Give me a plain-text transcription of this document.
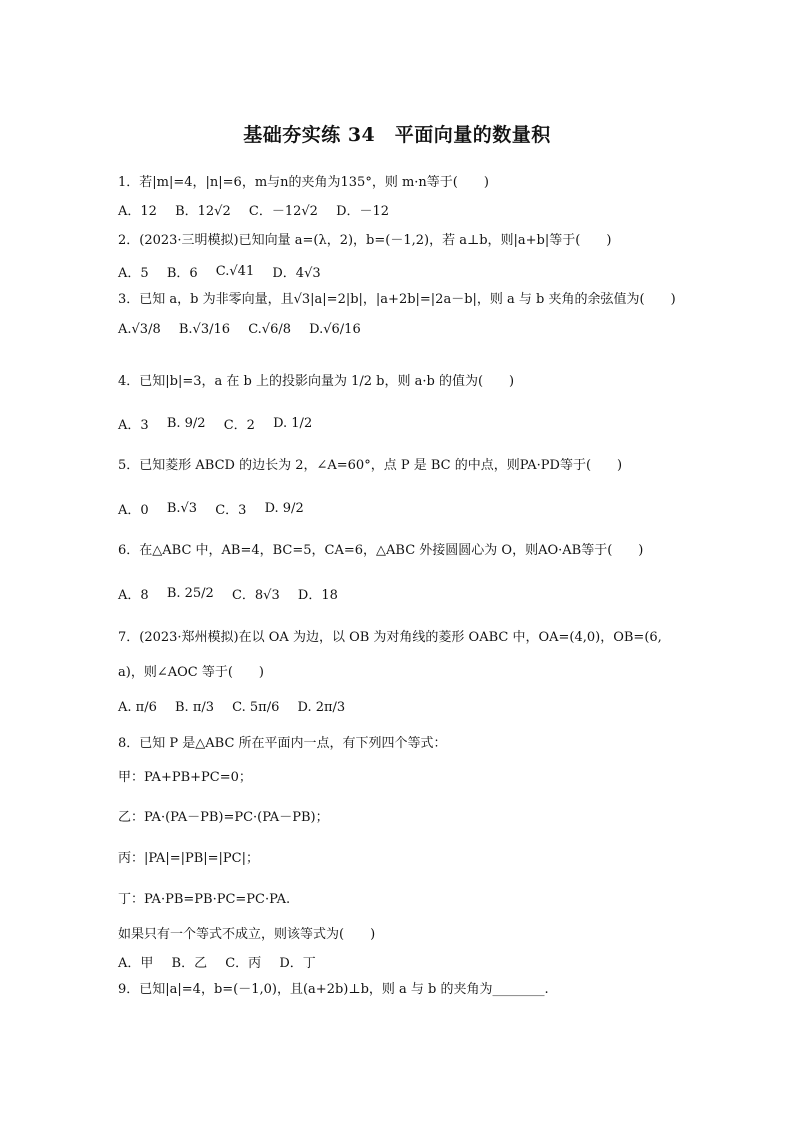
基础夯实练 34　平面向量的数量积
1．若|m|=4，|n|=6，m与n的夹角为135°，则 m·n等于(　　)
A．12 B．12√2 C．－12√2 D．－12
2．(2023·三明模拟)已知向量 a=(λ，2)，b=(－1,2)，若 a⊥b，则|a+b|等于(　　)
A．5 B．6 C.√41 D．4√3
3．已知 a，b 为非零向量，且√3|a|=2|b|，|a+2b|=|2a－b|，则 a 与 b 夹角的余弦值为(　　)
A.√3/8 B.√3/16 C.√6/8 D.√6/16
4．已知|b|=3，a 在 b 上的投影向量为 1/2 b，则 a·b 的值为(　　)
A．3 B. 9/2 C．2 D. 1/2
5．已知菱形 ABCD 的边长为 2，∠A=60°，点 P 是 BC 的中点，则PA·PD等于(　　)
A．0 B.√3 C．3 D. 9/2
6．在△ABC 中，AB=4，BC=5，CA=6，△ABC 外接圆圆心为 O，则AO·AB等于(　　)
A．8 B. 25/2 C．8√3 D．18
7．(2023·郑州模拟)在以 OA 为边，以 OB 为对角线的菱形 OABC 中，OA=(4,0)，OB=(6,
a)，则∠AOC 等于(　　)
A. π/6 B. π/3 C. 5π/6 D. 2π/3
8．已知 P 是△ABC 所在平面内一点，有下列四个等式：
甲：PA+PB+PC=0；
乙：PA·(PA－PB)=PC·(PA－PB)；
丙：|PA|=|PB|=|PC|；
丁：PA·PB=PB·PC=PC·PA.
如果只有一个等式不成立，则该等式为(　　)
A．甲 B．乙 C．丙 D．丁
9．已知|a|=4，b=(－1,0)，且(a+2b)⊥b，则 a 与 b 的夹角为________.
